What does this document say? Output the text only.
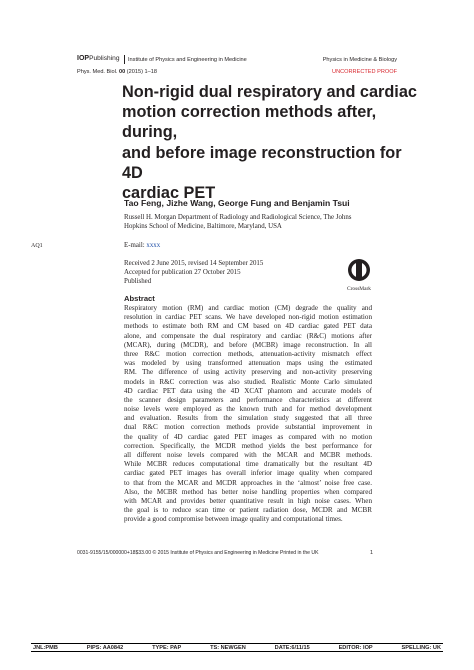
IOPPublishing Institute of Physics and Engineering in Medicine	Physics in Medicine & Biology
Phys. Med. Biol. 00 (2015) 1–18	UNCORRECTED PROOF
Non-rigid dual respiratory and cardiac
motion correction methods after, during,
and before image reconstruction for 4D
cardiac PET
Tao Feng, Jizhe Wang, George Fung and Benjamin Tsui
Russell H. Morgan Department of Radiology and Radiological Science, The Johns
Hopkins School of Medicine, Baltimore, Maryland, USA
AQ1	E-mail: xxxx
Received 2 June 2015, revised 14 September 2015
Accepted for publication 27 October 2015
Published
CrossMark
Abstract
Respiratory motion (RM) and cardiac motion (CM) degrade the quality and
resolution in cardiac PET scans. We have developed non-rigid motion estimation
methods to estimate both RM and CM based on 4D cardiac gated PET data
alone, and compensate the dual respiratory and cardiac (R&C) motions after
(MCAR), during (MCDR), and before (MCBR) image reconstruction. In all
three R&C motion correction methods, attenuation-activity mismatch effect
was modeled by using transformed attenuation maps using the estimated
RM. The difference of using activity preserving and non-activity preserving
models in R&C correction was also studied. Realistic Monte Carlo simulated
4D cardiac PET data using the 4D XCAT phantom and accurate models of
the scanner design parameters and performance characteristics at different
noise levels were employed as the known truth and for method development
and evaluation. Results from the simulation study suggested that all three
dual R&C motion correction methods provide substantial improvement in
the quality of 4D cardiac gated PET images as compared with no motion
correction. Specifically, the MCDR method yields the best performance for
all different noise levels compared with the MCAR and MCBR methods.
While MCBR reduces computational time dramatically but the resultant 4D
cardiac gated PET images has overall inferior image quality when compared
to that from the MCAR and MCDR approaches in the ‘almost’ noise free case.
Also, the MCBR method has better noise handling properties when compared
with MCAR and provides better quantitative result in high noise cases. When
the goal is to reduce scan time or patient radiation dose, MCDR and MCBR
provide a good compromise between image quality and computational times.
0031-9155/15/000000+18$33.00 © 2015 Institute of Physics and Engineering in Medicine Printed in the UK	1
JNL:PMB	PIPS: AA0842	TYPE: PAP	TS: NEWGEN	DATE:6/11/15	EDITOR: IOP	SPELLING: UK
